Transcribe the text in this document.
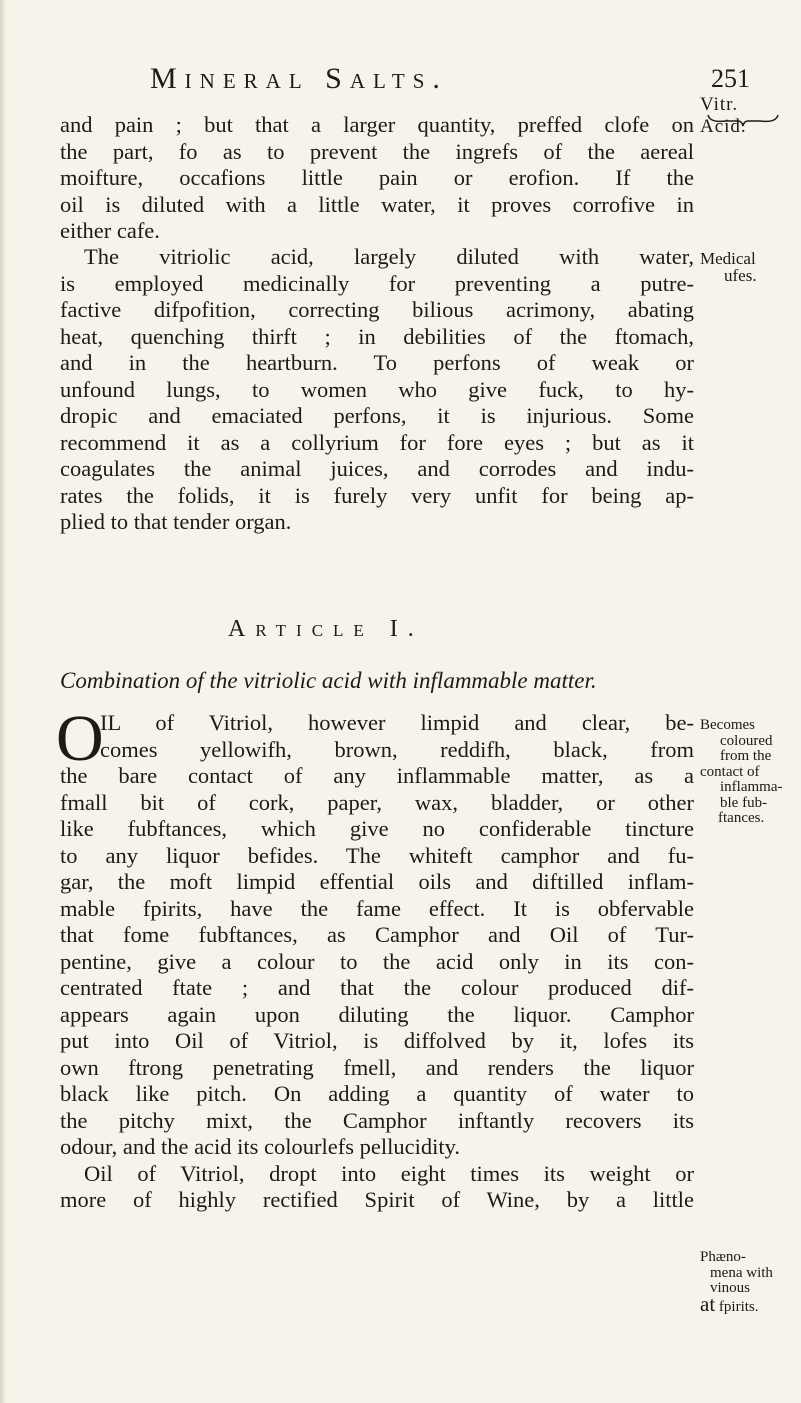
Mineral Salts.	251
and pain ; but that a larger quantity, preffed clofe on
the part, fo as to prevent the ingrefs of the aereal
moifture, occafions little pain or erofion. If the
oil is diluted with a little water, it proves corrofive in
either cafe.
The vitriolic acid, largely diluted with water,
is employed medicinally for preventing a putre-
factive difpofition, correcting bilious acrimony, abating
heat, quenching thirft ; in debilities of the ftomach,
and in the heartburn. To perfons of weak or
unfound lungs, to women who give fuck, to hy-
dropic and emaciated perfons, it is injurious. Some
recommend it as a collyrium for fore eyes ; but as it
coagulates the animal juices, and corrodes and indu-
rates the folids, it is furely very unfit for being ap-
plied to that tender organ.
Article I.
Combination of the vitriolic acid with inflammable matter.
O
IL of Vitriol, however limpid and clear, be-
comes yellowifh, brown, reddifh, black, from
the bare contact of any inflammable matter, as a
fmall bit of cork, paper, wax, bladder, or other
like fubftances, which give no confiderable tincture
to any liquor befides. The whiteft camphor and fu-
gar, the moft limpid effential oils and diftilled inflam-
mable fpirits, have the fame effect. It is obfervable
that fome fubftances, as Camphor and Oil of Tur-
pentine, give a colour to the acid only in its con-
centrated ftate ; and that the colour produced dif-
appears again upon diluting the liquor. Camphor
put into Oil of Vitriol, is diffolved by it, lofes its
own ftrong penetrating fmell, and renders the liquor
black like pitch. On adding a quantity of water to
the pitchy mixt, the Camphor inftantly recovers its
odour, and the acid its colourlefs pellucidity.
Oil of Vitriol, dropt into eight times its weight or
more of highly rectified Spirit of Wine, by a little
Vitr.
Acid.
Medical
ufes.
Becomes
coloured
from the
contact of
inflamma-
ble fub-
ftances.
Phæno-
mena with
vinous
at fpirits.
